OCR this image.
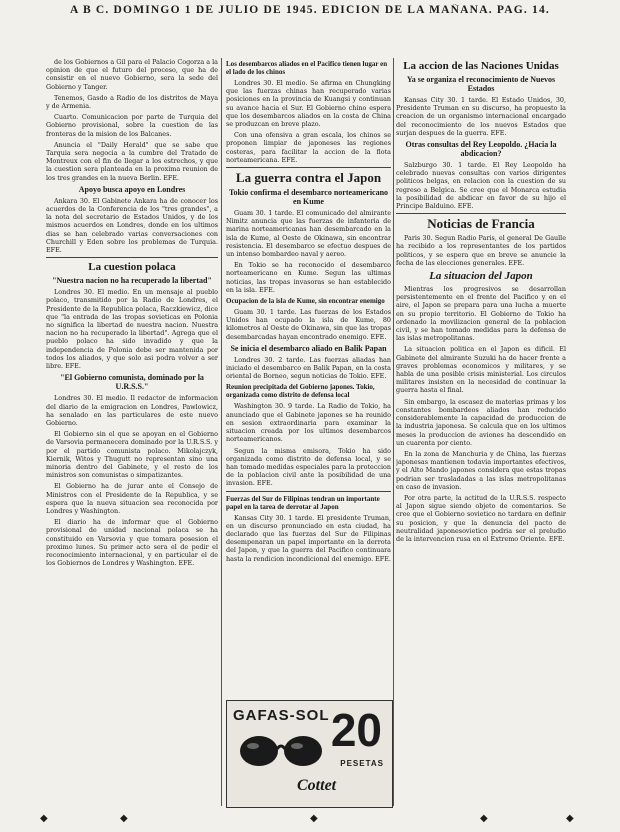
A B C. DOMINGO 1 DE JULIO DE 1945. EDICION DE LA MAÑANA. PAG. 14.

de los Gobiernos a Gil para el Palacio Cogorza a la opinion de que el futuro del proceso, que ha de consistir en el nuevo Gobierno, sera la sede del Gobierno y Tanger.

Tenemos, Gasdo a Radio de los distritos de Maya y de Armenia.

Cuarto. Comunicacion por parte de Turquia del Gobierno provisional, sobre la cuestion de las fronteras de la mision de los Balcanes.

Anuncia el "Daily Herald" que se sabe que Tarquia sera negocia a la cumbre del Tratado de Montreux con el fin de llegar a los estrechos, y que la cuestion sera planteada en la proxima reunion de los tres grandes en la nueva Berlin. EFE.

Apoyo busca apoyo en Londres

Ankara 30. El Gabinete Ankara ha de conocer los acuerdos de la Conferencia de los "tres grandes", a la nota del secretario de Estados Unidos, y de los mismos acuerdos en Londres, donde en los ultimos dias se han celebrado varias conversaciones con Churchill y Eden sobre los problemas de Turquia. EFE.

La cuestion polaca
"Nuestra nacion no ha recuperado la libertad"

Londres 30. El medio. En un mensaje al pueblo polaco, transmitido por la Radio de Londres, el Presidente de la Republica polaca, Raczkiewicz, dice que "la entrada de las tropas sovieticas en Polonia no significa la libertad de nuestra nacion. Nuestra nacion no ha recuperado la libertad". Agrega que el pueblo polaco ha sido invadido y que la independencia de Polonia debe ser mantenida por todos los aliados, y que solo asi podra volver a ser libre. EFE.

"El Gobierno comunista, dominado por la U.R.S.S."

Londres 30. El medio. Il redactor de informacion del diario de la emigracion en Londres, Pawlowicz, ha senalado en las particulares de este nuevo Gobierno.

El Gobierno sin el que se apoyan en el Gobierno de Varsovia permanecera dominado por la U.R.S.S. y por el partido comunista polaco. Mikolajczyk, Kiernik, Witos y Thugutt no representan sino una minoria dentro del Gabinete, y el resto de los ministros son comunistas o simpatizantes.

El Gobierno ha de jurar ante el Consejo de Ministros con el Presidente de la Republica, y se espera que la nueva situacion sea reconocida por Londres y Washington.

El diario ha de informar que el Gobierno provisional de unidad nacional polaca se ha constituido en Varsovia y que tomara posesion el proximo lunes. Su primer acto sera el de pedir el reconocimiento internacional, y en particular el de los Gobiernos de Londres y Washington. EFE.

Los desembarcos aliados en el Pacifico tienen lugar en el lado de los chinos

Londres 30. El medio. Se afirma en Chungking que las fuerzas chinas han recuperado varias posiciones en la provincia de Kuangsi y continuan su avance hacia el Sur. El Gobierno chino espera que los desembarcos aliados en la costa de China se produzcan en breve plazo.

Con una ofensiva a gran escala, los chinos se proponen limpiar de japoneses las regiones costeras, para facilitar la accion de la flota norteamericana. EFE.

La guerra contra el Japon
Tokio confirma el desembarco norteamericano en Kume

Guam 30. 1 tarde. El comunicado del almirante Nimitz anuncia que las fuerzas de infanteria de marina norteamericanas han desembarcado en la isla de Kume, al Oeste de Okinawa, sin encontrar resistencia. El desembarco se efectuo despues de un intenso bombardeo naval y aereo.

En Tokio se ha reconocido el desembarco norteamericano en Kume. Segun las ultimas noticias, las tropas invasoras se han establecido en la isla. EFE.

Ocupacion de la isla de Kume, sin encontrar enemigo

Guam 30. 1 tarde. Las fuerzas de los Estados Unidos han ocupado la isla de Kume, 80 kilometros al Oeste de Okinawa, sin que las tropas desembarcadas hayan encontrado enemigo. EFE.

Se inicia el desembarco aliado en Balik Papan

Londres 30. 2 tarde. Las fuerzas aliadas han iniciado el desembarco en Balik Papan, en la costa oriental de Borneo, segun noticias de Tokio. EFE.

Reunion precipitada del Gobierno japones. Tokio, organizada como distrito de defensa local

Washington 30. 9 tarde. La Radio de Tokio, ha anunciado que el Gabinete japones se ha reunido en sesion extraordinaria para examinar la situacion creada por los ultimos desembarcos norteamericanos.

Segun la misma emisora, Tokio ha sido organizada como distrito de defensa local, y se han tomado medidas especiales para la proteccion de la poblacion civil ante la posibilidad de una invasion. EFE.

Fuerzas del Sur de Filipinas tendran un importante papel en la tarea de derrotar al Japon

Kansas City 30. 1 tarde. El presidente Truman, en un discurso pronunciado en esta ciudad, ha declarado que las fuerzas del Sur de Filipinas desempenaran un papel importante en la derrota del Japon, y que la guerra del Pacifico continuara hasta la rendicion incondicional del enemigo. EFE.

GAFAS-SOL 20
PESETAS
Cottet
La accion de las Naciones Unidas
Ya se organiza el reconocimiento de Nuevos Estados

Kansas City 30. 1 tarde. El Estado Unidos, 30, Presidente Truman en su discurso, ha propuesto la creacion de un organismo internacional encargado del reconocimiento de los nuevos Estados que surjan despues de la guerra. EFE.

Otras consultas del Rey Leopoldo. ¿Hacia la abdicacion?

Salzburgo 30. 1 tarde. El Rey Leopoldo ha celebrado nuevas consultas con varios dirigentes politicos belgas, en relacion con la cuestion de su regreso a Belgica. Se cree que el Monarca estudia la posibilidad de abdicar en favor de su hijo el Principe Balduino. EFE.

Noticias de Francia

Paris 30. Segun Radio Paris, el general De Gaulle ha recibido a los representantes de los partidos politicos, y se espera que en breve se anuncie la fecha de las elecciones generales. EFE.

La situacion del Japon

Mientras los progresivos se desarrollan persistentemente en el frente del Pacifico y en el aire, el Japon se prepara para una lucha a muerte en su propio territorio. El Gobierno de Tokio ha ordenado la movilizacion general de la poblacion civil, y se han tomado medidas para la defensa de las islas metropolitanas.

La situacion politica en el Japon es dificil. El Gabinete del almirante Suzuki ha de hacer frente a graves problemas economicos y militares, y se habla de una posible crisis ministerial. Los circulos militares insisten en la necesidad de continuar la guerra hasta el final.

Sin embargo, la escasez de materias primas y los constantes bombardeos aliados han reducido considerablemente la capacidad de produccion de la industria japonesa. Se calcula que en los ultimos meses la produccion de aviones ha descendido en un cuarenta por ciento.

En la zona de Manchuria y de China, las fuerzas japonesas mantienen todavia importantes efectivos, y el Alto Mando japones considera que estas tropas podrian ser trasladadas a las islas metropolitanas en caso de invasion.

Por otra parte, la actitud de la U.R.S.S. respecto al Japon sigue siendo objeto de comentarios. Se cree que el Gobierno sovietico no tardara en definir su posicion, y que la denuncia del pacto de neutralidad japonesovietico podria ser el preludio de la intervencion rusa en el Extremo Oriente. EFE.

◆	◆	◆	◆	◆
